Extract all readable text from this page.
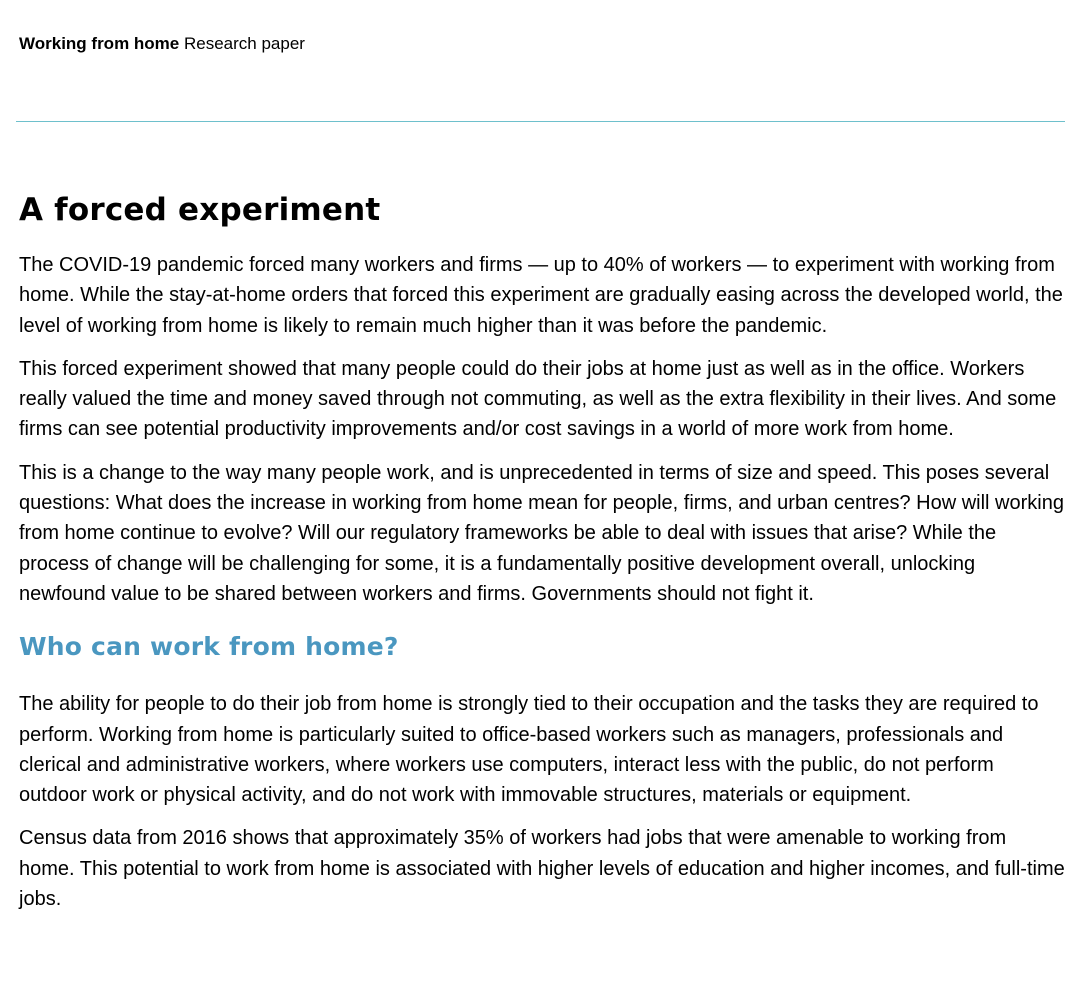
Working from home Research paper
A forced experiment

The COVID-19 pandemic forced many workers and firms — up to 40% of workers — to experiment with working from home. While the stay-at-home orders that forced this experiment are gradually easing across the developed world, the level of working from home is likely to remain much higher than it was before the pandemic.

This forced experiment showed that many people could do their jobs at home just as well as in the office. Workers really valued the time and money saved through not commuting, as well as the extra flexibility in their lives. And some firms can see potential productivity improvements and/or cost savings in a world of more work from home.

This is a change to the way many people work, and is unprecedented in terms of size and speed. This poses several questions: What does the increase in working from home mean for people, firms, and urban centres? How will working from home continue to evolve? Will our regulatory frameworks be able to deal with issues that arise? While the process of change will be challenging for some, it is a fundamentally positive development overall, unlocking newfound value to be shared between workers and firms. Governments should not fight it.

Who can work from home?

The ability for people to do their job from home is strongly tied to their occupation and the tasks they are required to perform. Working from home is particularly suited to office-based workers such as managers, professionals and clerical and administrative workers, where workers use computers, interact less with the public, do not perform outdoor work or physical activity, and do not work with immovable structures, materials or equipment.

Census data from 2016 shows that approximately 35% of workers had jobs that were amenable to working from home. This potential to work from home is associated with higher levels of education and higher incomes, and full-time jobs.
